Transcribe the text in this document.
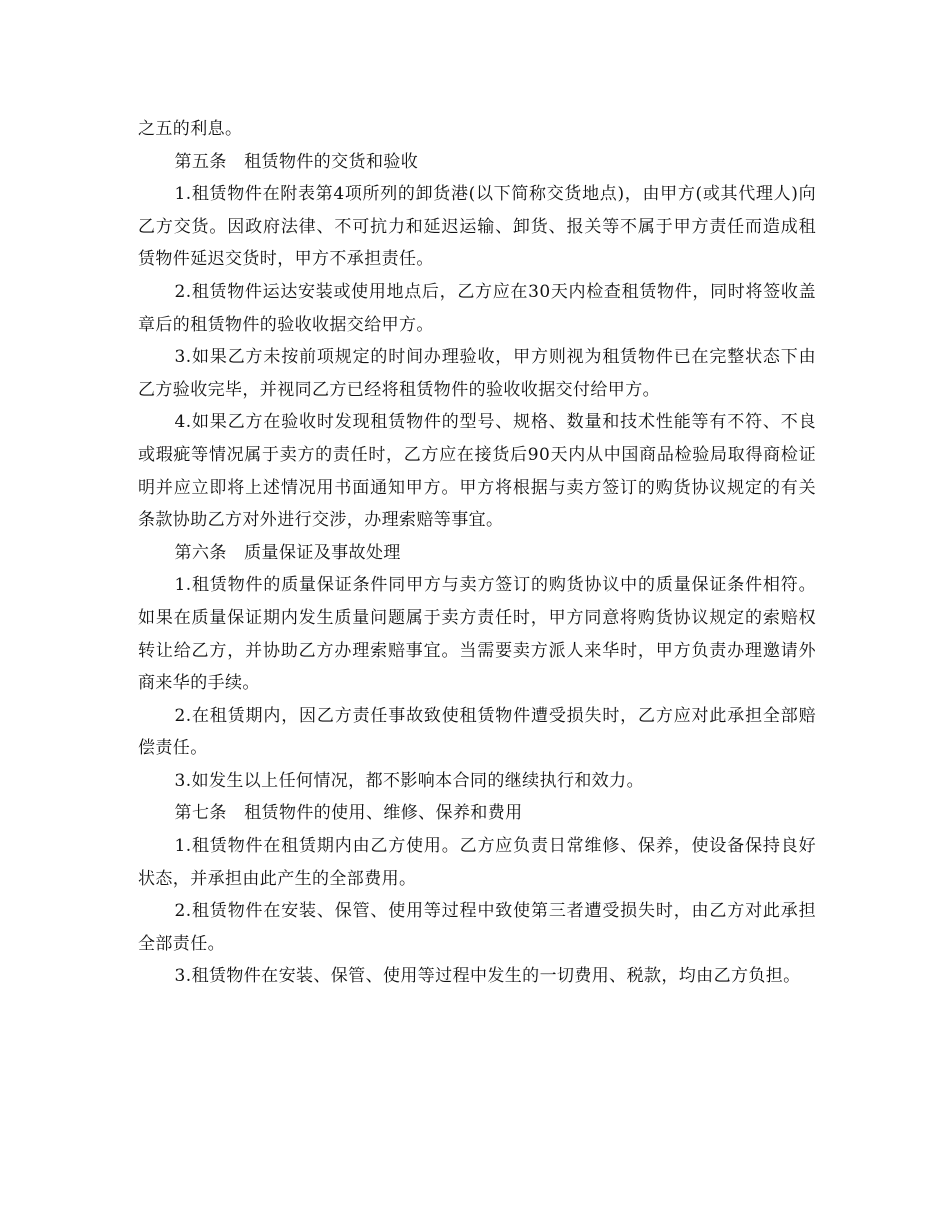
之五的利息。

第五条　租赁物件的交货和验收

1.租赁物件在附表第4项所列的卸货港(以下简称交货地点)，由甲方(或其代理人)向乙方交货。因政府法律、不可抗力和延迟运输、卸货、报关等不属于甲方责任而造成租赁物件延迟交货时，甲方不承担责任。

2.租赁物件运达安装或使用地点后，乙方应在30天内检查租赁物件，同时将签收盖章后的租赁物件的验收收据交给甲方。

3.如果乙方未按前项规定的时间办理验收，甲方则视为租赁物件已在完整状态下由乙方验收完毕，并视同乙方已经将租赁物件的验收收据交付给甲方。

4.如果乙方在验收时发现租赁物件的型号、规格、数量和技术性能等有不符、不良或瑕疵等情况属于卖方的责任时，乙方应在接货后90天内从中国商品检验局取得商检证明并应立即将上述情况用书面通知甲方。甲方将根据与卖方签订的购货协议规定的有关条款协助乙方对外进行交涉，办理索赔等事宜。

第六条　质量保证及事故处理

1.租赁物件的质量保证条件同甲方与卖方签订的购货协议中的质量保证条件相符。如果在质量保证期内发生质量问题属于卖方责任时，甲方同意将购货协议规定的索赔权转让给乙方，并协助乙方办理索赔事宜。当需要卖方派人来华时，甲方负责办理邀请外商来华的手续。

2.在租赁期内，因乙方责任事故致使租赁物件遭受损失时，乙方应对此承担全部赔偿责任。

3.如发生以上任何情况，都不影响本合同的继续执行和效力。

第七条　租赁物件的使用、维修、保养和费用

1.租赁物件在租赁期内由乙方使用。乙方应负责日常维修、保养，使设备保持良好状态，并承担由此产生的全部费用。

2.租赁物件在安装、保管、使用等过程中致使第三者遭受损失时，由乙方对此承担全部责任。

3.租赁物件在安装、保管、使用等过程中发生的一切费用、税款，均由乙方负担。
